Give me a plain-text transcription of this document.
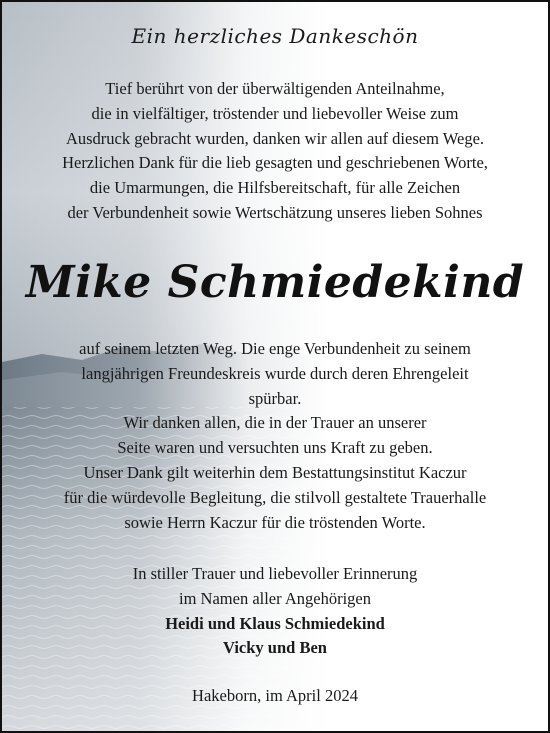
Ein herzliches Dankeschön
Tief berührt von der überwältigenden Anteilnahme,
die in vielfältiger, tröstender und liebevoller Weise zum
Ausdruck gebracht wurden, danken wir allen auf diesem Wege.
Herzlichen Dank für die lieb gesagten und geschriebenen Worte,
die Umarmungen, die Hilfsbereitschaft, für alle Zeichen
der Verbundenheit sowie Wertschätzung unseres lieben Sohnes
Mike Schmiedekind
auf seinem letzten Weg. Die enge Verbundenheit zu seinem
langjährigen Freundeskreis wurde durch deren Ehrengeleit
spürbar.
Wir danken allen, die in der Trauer an unserer
Seite waren und versuchten uns Kraft zu geben.
Unser Dank gilt weiterhin dem Bestattungsinstitut Kaczur
für die würdevolle Begleitung, die stilvoll gestaltete Trauerhalle
sowie Herrn Kaczur für die tröstenden Worte.
In stiller Trauer und liebevoller Erinnerung
im Namen aller Angehörigen
Heidi und Klaus Schmiedekind
Vicky und Ben
Hakeborn, im April 2024
